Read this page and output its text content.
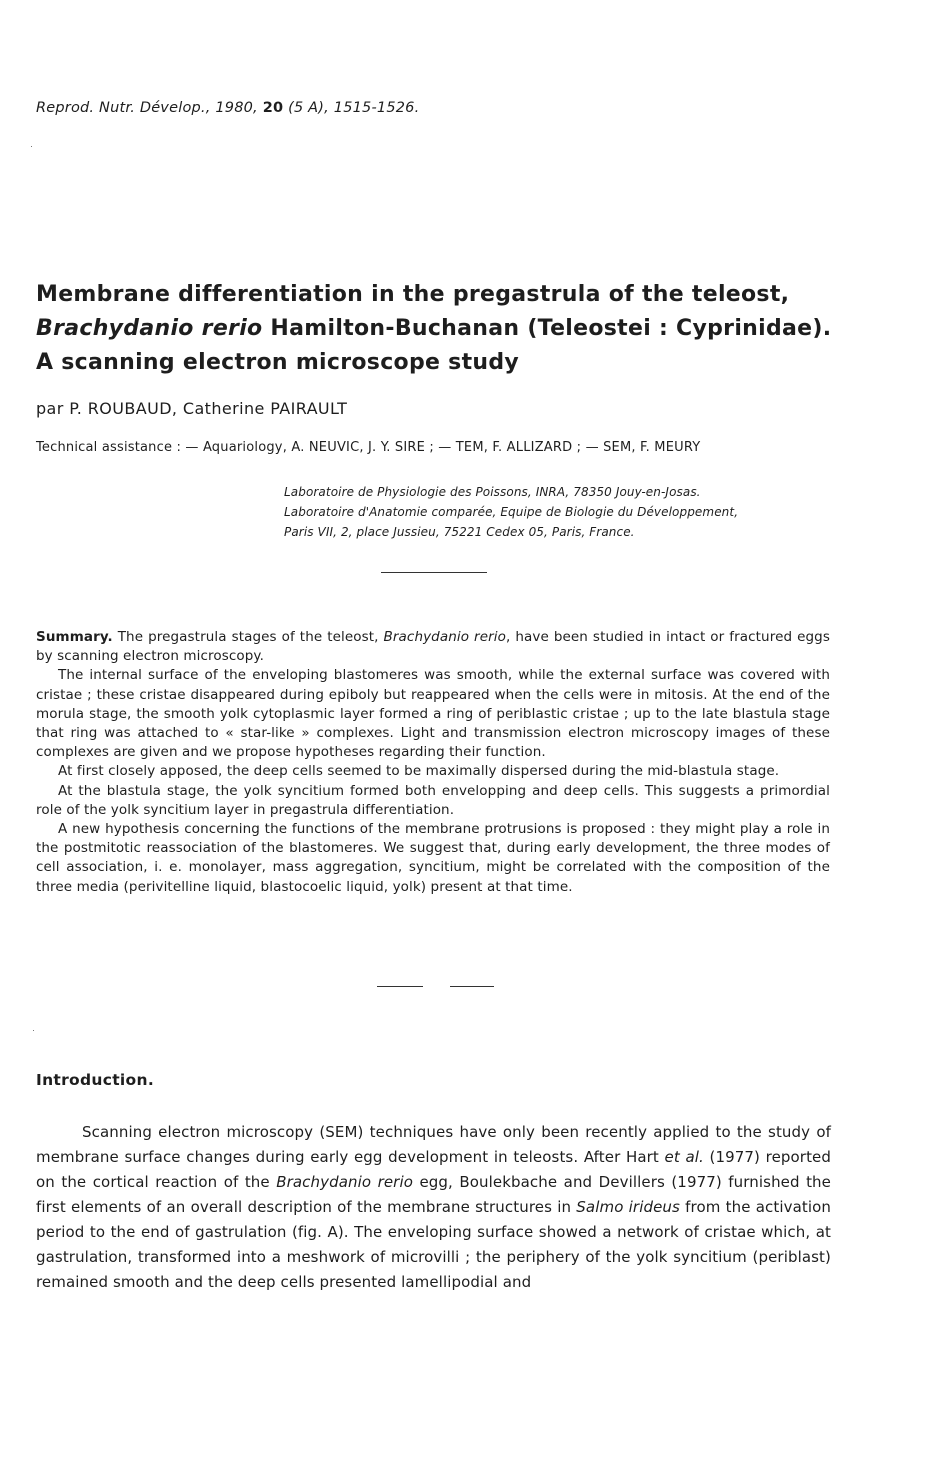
Reprod. Nutr. Dévelop., 1980, 20 (5 A), 1515-1526.
Membrane differentiation in the pregastrula of the teleost,
Brachydanio rerio Hamilton-Buchanan (Teleostei : Cyprinidae).
A scanning electron microscope study
par P. ROUBAUD, Catherine PAIRAULT
Technical assistance : — Aquariology, A. NEUVIC, J. Y. SIRE ; — TEM, F. ALLIZARD ; — SEM, F. MEURY
Laboratoire de Physiologie des Poissons, INRA, 78350 Jouy-en-Josas.
Laboratoire d'Anatomie comparée, Equipe de Biologie du Développement,
Paris VII, 2, place Jussieu, 75221 Cedex 05, Paris, France.

Summary. The pregastrula stages of the teleost, Brachydanio rerio, have been studied in intact or fractured eggs by scanning electron microscopy.

The internal surface of the enveloping blastomeres was smooth, while the external surface was covered with cristae ; these cristae disappeared during epiboly but reappeared when the cells were in mitosis. At the end of the morula stage, the smooth yolk cytoplasmic layer formed a ring of periblastic cristae ; up to the late blastula stage that ring was attached to « star-like » complexes. Light and transmission electron microscopy images of these complexes are given and we propose hypotheses regarding their function.

At first closely apposed, the deep cells seemed to be maximally dispersed during the mid-blastula stage.

At the blastula stage, the yolk syncitium formed both envelopping and deep cells. This suggests a primordial role of the yolk syncitium layer in pregastrula differentiation.

A new hypothesis concerning the functions of the membrane protrusions is proposed : they might play a role in the postmitotic reassociation of the blastomeres. We suggest that, during early development, the three modes of cell association, i. e. monolayer, mass aggregation, syncitium, might be correlated with the composition of the three media (perivitelline liquid, blastocoelic liquid, yolk) present at that time.

Introduction.

Scanning electron microscopy (SEM) techniques have only been recently applied to the study of membrane surface changes during early egg development in teleosts. After Hart et al. (1977) reported on the cortical reaction of the Brachydanio rerio egg, Boulekbache and Devillers (1977) furnished the first elements of an overall description of the membrane structures in Salmo irideus from the activation period to the end of gastrulation (fig. A). The enveloping surface showed a network of cristae which, at gastrulation, transformed into a meshwork of microvilli ; the periphery of the yolk syncitium (periblast) remained smooth and the deep cells presented lamellipodial and
